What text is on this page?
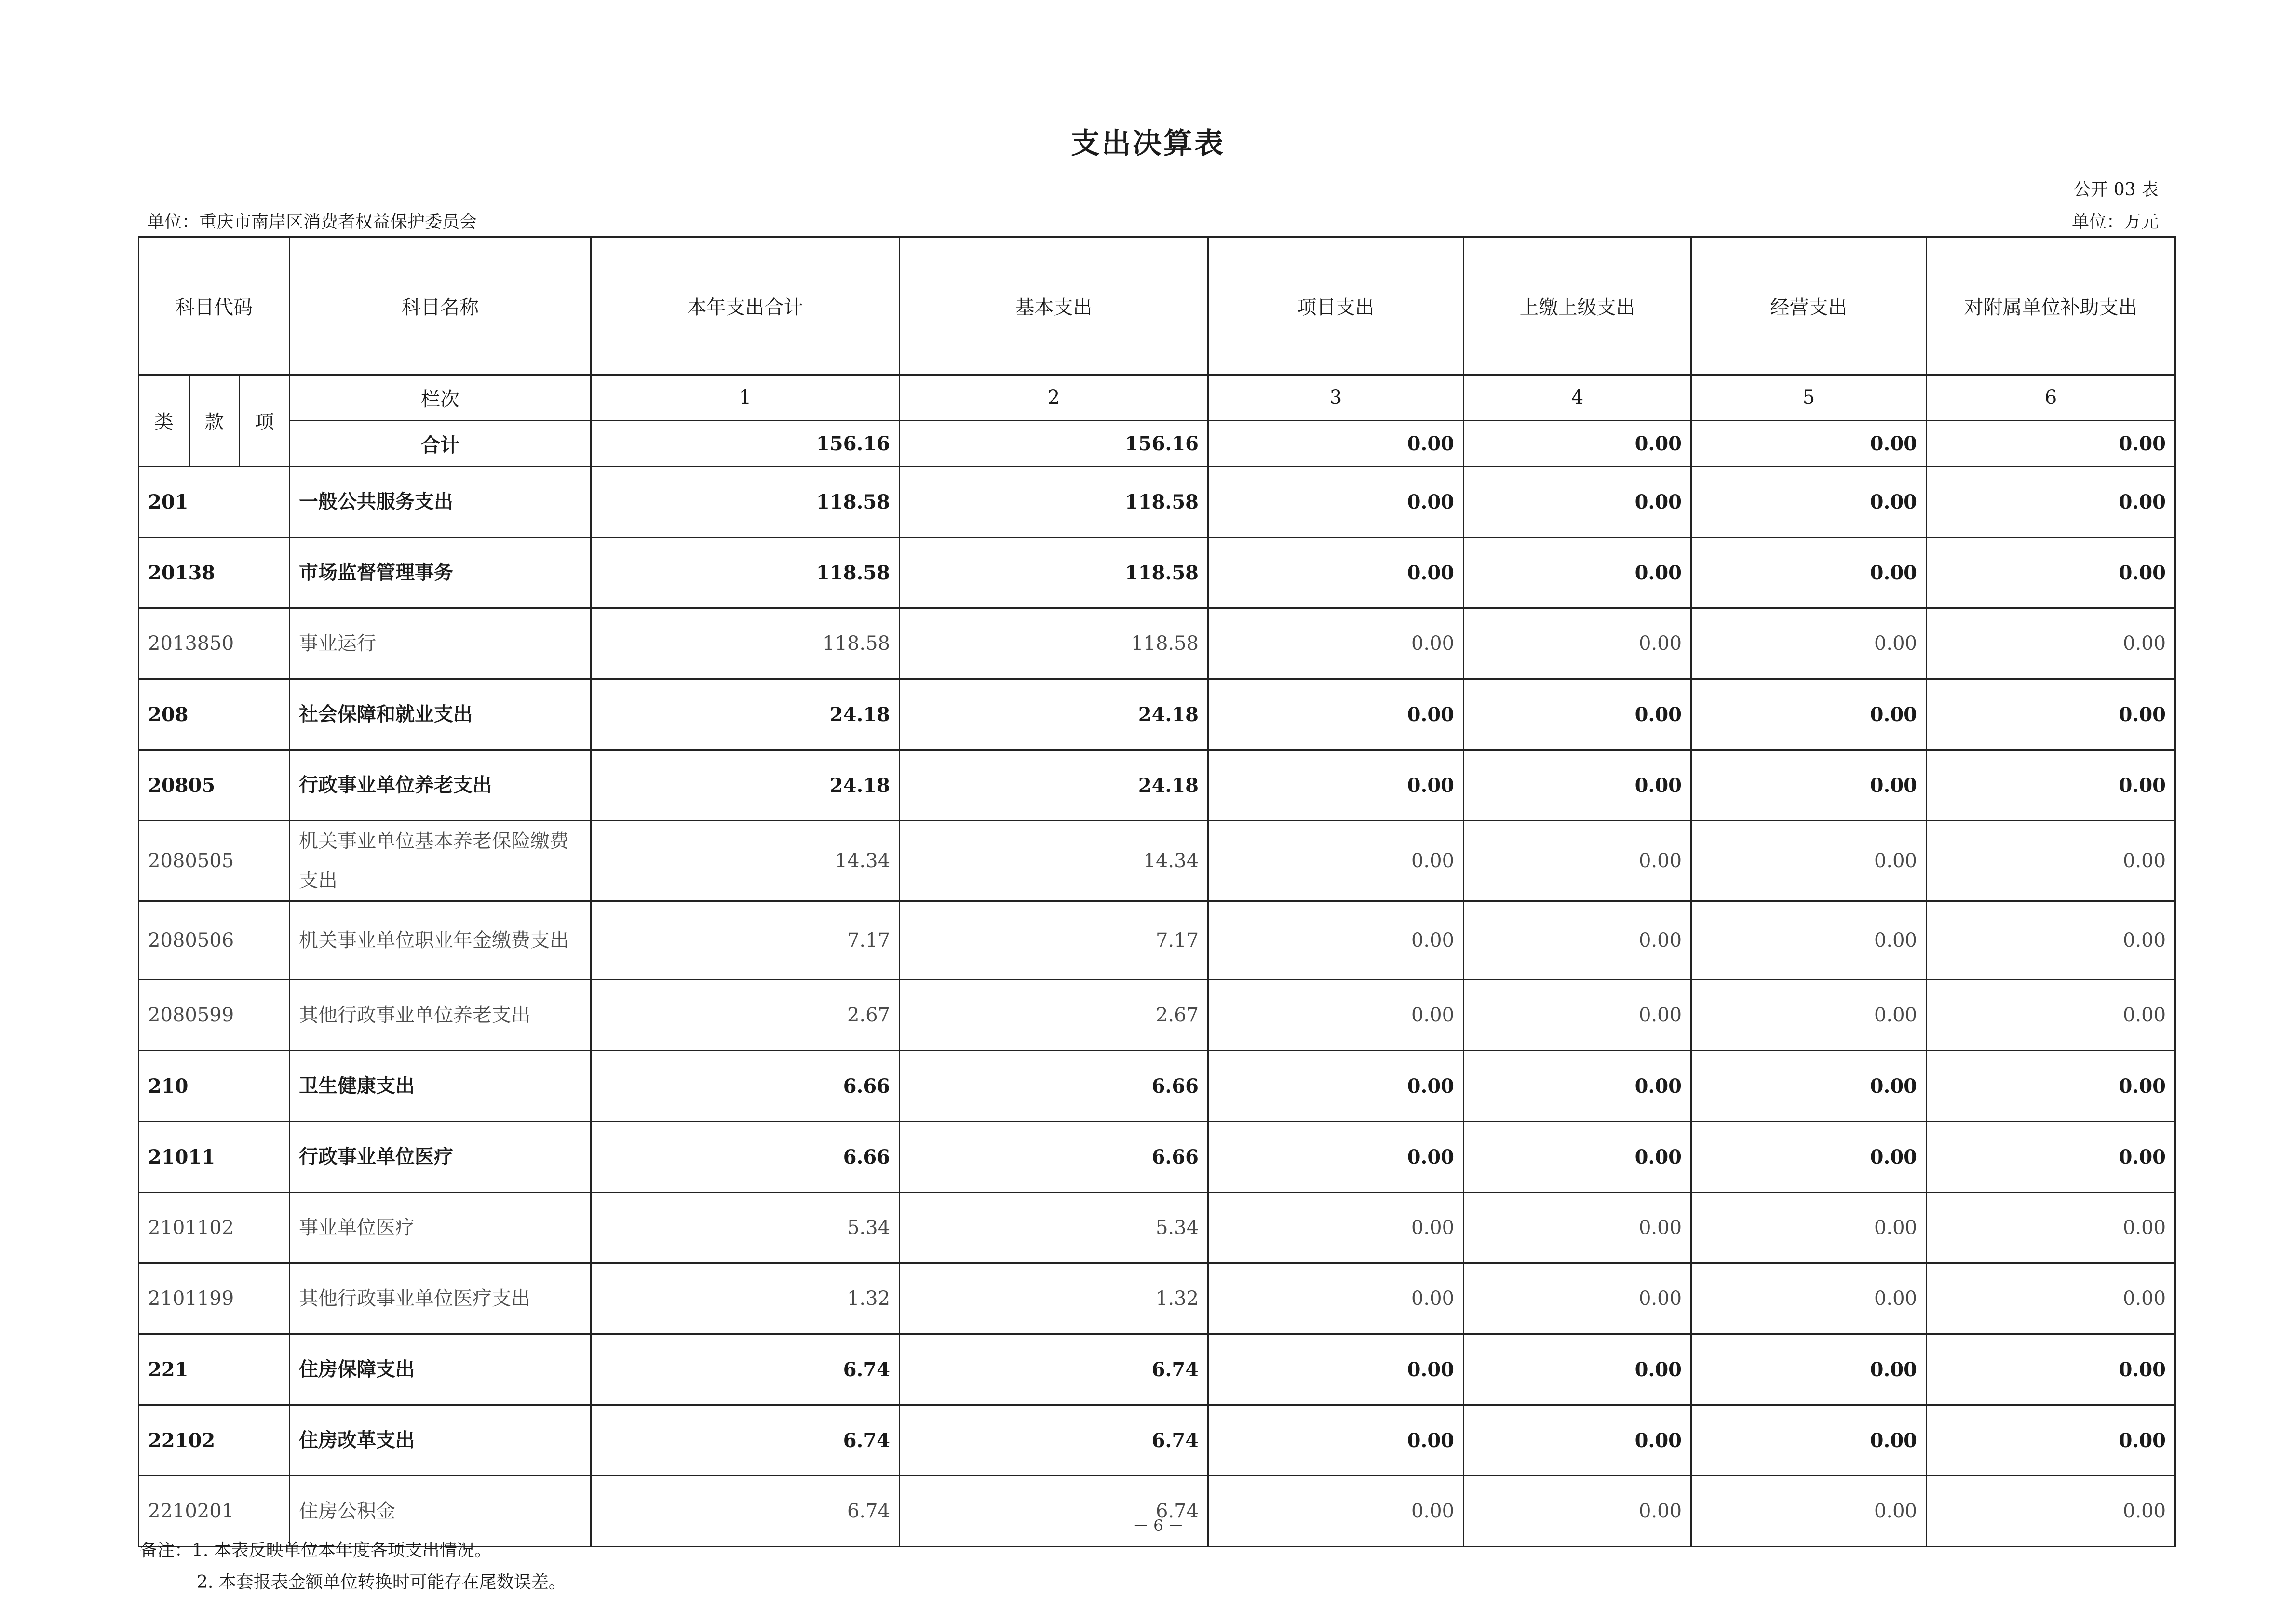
支出决算表
公开 03 表
单位：重庆市南岸区消费者权益保护委员会	单位：万元
科目代码			科目名称	本年支出合计	基本支出	项目支出	上缴上级支出	经营支出	对附属单位补助支出
类	款	项	栏次	1	2	3	4	5	6
			合计	156.16	156.16	0.00	0.00	0.00	0.00
201			一般公共服务支出	118.58	118.58	0.00	0.00	0.00	0.00
20138			市场监督管理事务	118.58	118.58	0.00	0.00	0.00	0.00
2013850			事业运行	118.58	118.58	0.00	0.00	0.00	0.00
208			社会保障和就业支出	24.18	24.18	0.00	0.00	0.00	0.00
20805			行政事业单位养老支出	24.18	24.18	0.00	0.00	0.00	0.00
2080505			机关事业单位基本养老保险缴费支出	14.34	14.34	0.00	0.00	0.00	0.00
2080506			机关事业单位职业年金缴费支出	7.17	7.17	0.00	0.00	0.00	0.00
2080599			其他行政事业单位养老支出	2.67	2.67	0.00	0.00	0.00	0.00
210			卫生健康支出	6.66	6.66	0.00	0.00	0.00	0.00
21011			行政事业单位医疗	6.66	6.66	0.00	0.00	0.00	0.00
2101102			事业单位医疗	5.34	5.34	0.00	0.00	0.00	0.00
2101199			其他行政事业单位医疗支出	1.32	1.32	0.00	0.00	0.00	0.00
221			住房保障支出	6.74	6.74	0.00	0.00	0.00	0.00
22102			住房改革支出	6.74	6.74	0.00	0.00	0.00	0.00
2210201			住房公积金	6.74	6.74	0.00	0.00	0.00	0.00
－ 6 －
备注：1. 本表反映单位本年度各项支出情况。
2. 本套报表金额单位转换时可能存在尾数误差。
